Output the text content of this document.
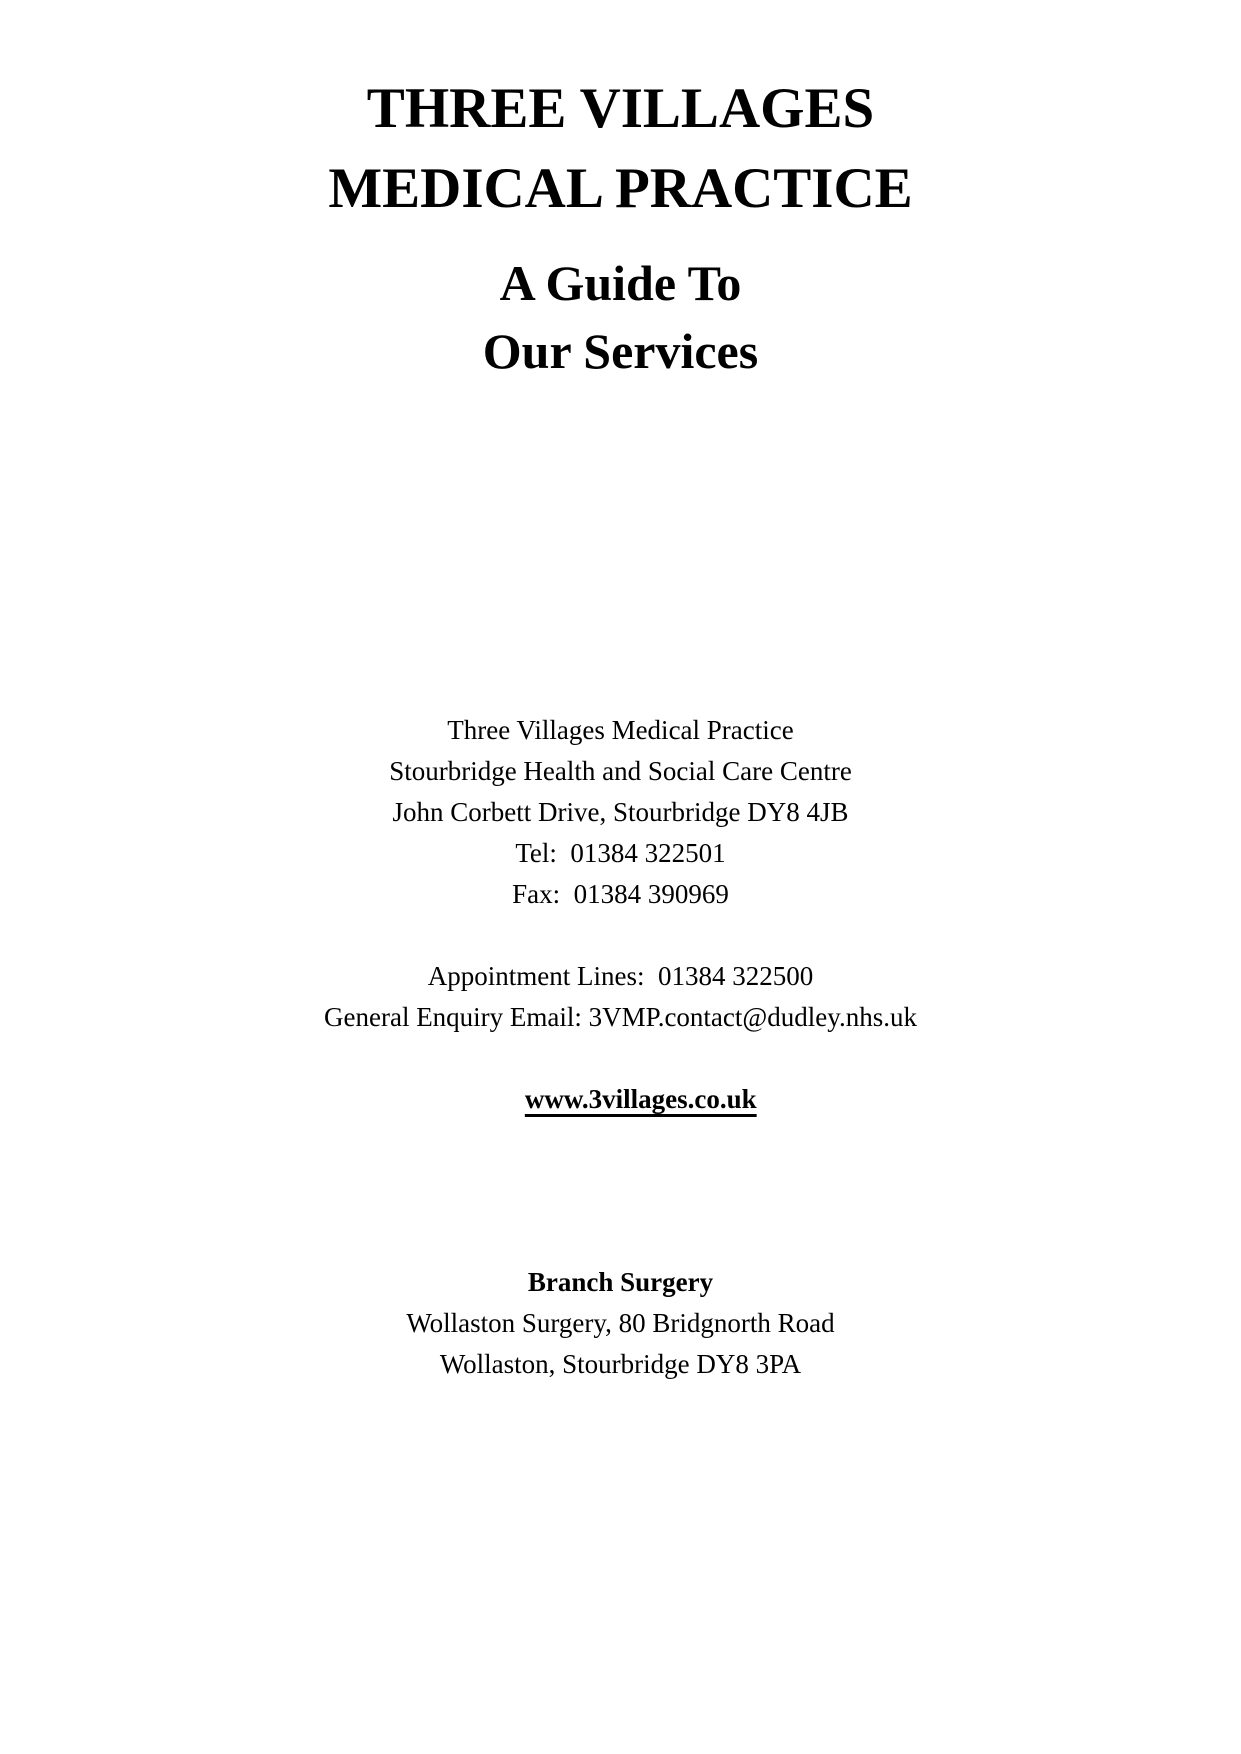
THREE VILLAGES
MEDICAL PRACTICE
A Guide To
Our Services
Three Villages Medical Practice
Stourbridge Health and Social Care Centre
John Corbett Drive, Stourbridge DY8 4JB
Tel:  01384 322501
Fax:  01384 390969
Appointment Lines:  01384 322500
General Enquiry Email: 3VMP.contact@dudley.nhs.uk

www.3villages.co.uk

Branch Surgery
Wollaston Surgery, 80 Bridgnorth Road
Wollaston, Stourbridge DY8 3PA
